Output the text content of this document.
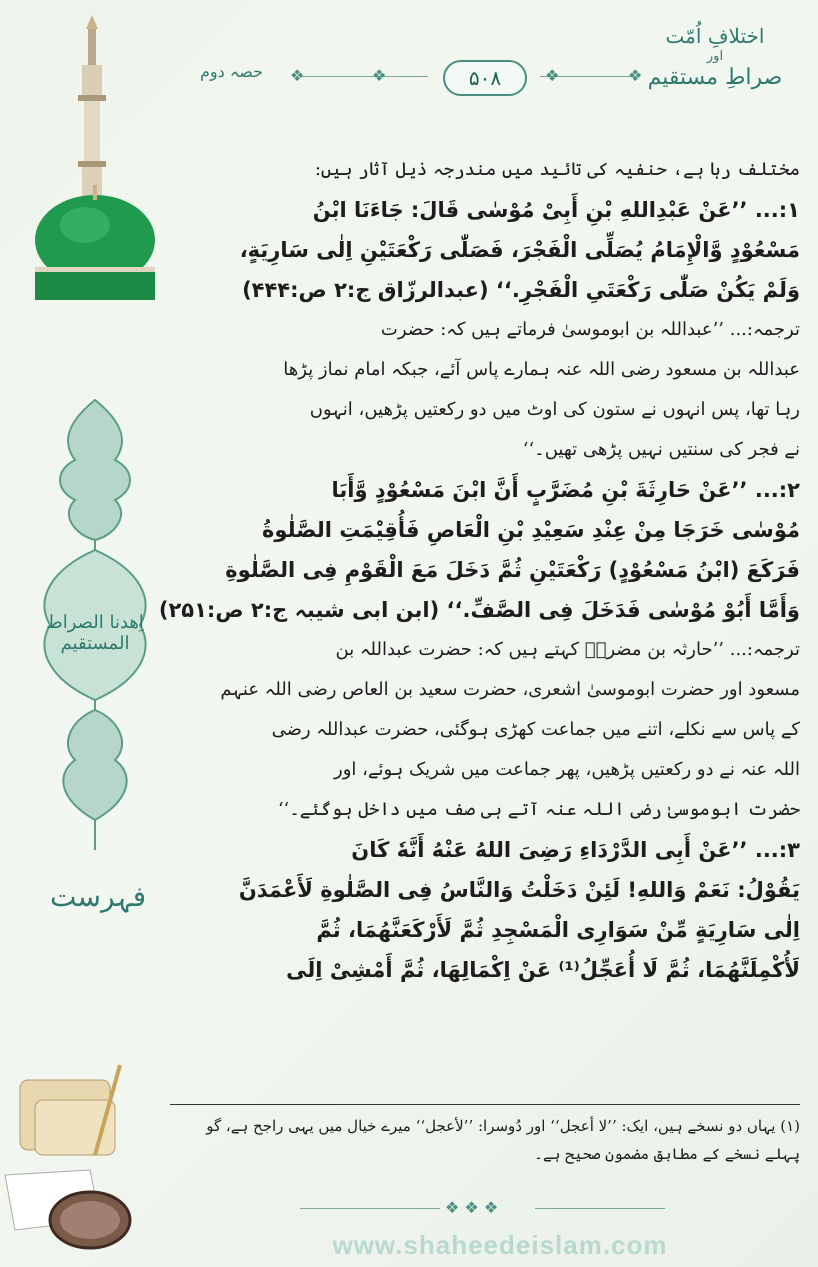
اختلافِ اُمّت
اور
صراطِ مستقیم
حصہ دوم ❖	❖	❖	❖
۵۰۸
اِھدنا الصراط المستقیم
فہرست
مختلف رہا ہے، حنفیہ کی تائید میں مندرجہ ذیل آثار ہیں:
۱:... ’’عَنْ عَبْدِاللهِ بْنِ أَبِیْ مُوْسٰی قَالَ: جَاءَنَا ابْنُ
مَسْعُوْدٍ وَّالْإِمَامُ یُصَلِّی الْفَجْرَ، فَصَلّٰی رَکْعَتَیْنِ اِلٰی سَارِیَةٍ،
وَلَمْ یَکُنْ صَلّٰی رَکْعَتَیِ الْفَجْرِ.‘‘ (عبدالرزّاق ج:۲ ص:۴۴۴)
ترجمہ:... ’’عبداللہ بن ابوموسیٰ فرماتے ہیں کہ: حضرت
عبداللہ بن مسعود رضی اللہ عنہ ہمارے پاس آئے، جبکہ امام نماز پڑھا
رہا تھا، پس انہوں نے ستون کی اوٹ میں دو رکعتیں پڑھیں، انہوں
نے فجر کی سنتیں نہیں پڑھی تھیں۔‘‘
۲:... ’’عَنْ حَارِثَةَ بْنِ مُضَرَّبٍ أَنَّ ابْنَ مَسْعُوْدٍ وَّأَبَا
مُوْسٰی خَرَجَا مِنْ عِنْدِ سَعِیْدِ بْنِ الْعَاصِ فَأُقِیْمَتِ الصَّلٰوةُ
فَرَکَعَ (ابْنُ مَسْعُوْدٍ) رَکْعَتَیْنِ ثُمَّ دَخَلَ مَعَ الْقَوْمِ فِی الصَّلٰوةِ
وَأَمَّا أَبُوْ مُوْسٰی فَدَخَلَ فِی الصَّفِّ.‘‘ (ابن ابی شیبہ ج:۲ ص:۲۵۱)
ترجمہ:... ’’حارثہ بن مضربؒ کہتے ہیں کہ: حضرت عبداللہ بن
مسعود اور حضرت ابوموسیٰ اشعری، حضرت سعید بن العاص رضی اللہ عنہم
کے پاس سے نکلے، اتنے میں جماعت کھڑی ہوگئی، حضرت عبداللہ رضی
اللہ عنہ نے دو رکعتیں پڑھیں، پھر جماعت میں شریک ہوئے، اور
حضرت ابوموسیٰ رضی اللہ عنہ آتے ہی صف میں داخل ہوگئے۔‘‘
۳:... ’’عَنْ أَبِی الدَّرْدَاءِ رَضِیَ اللهُ عَنْهُ أَنَّهٗ کَانَ
یَقُوْلُ: نَعَمْ وَاللهِ! لَئِنْ دَخَلْتُ وَالنَّاسُ فِی الصَّلٰوةِ لَأَعْمَدَنَّ
اِلٰی سَارِیَةٍ مِّنْ سَوَارِی الْمَسْجِدِ ثُمَّ لَأَرْکَعَنَّهُمَا، ثُمَّ
لَأُکْمِلَنَّهُمَا، ثُمَّ لَا أُعَجِّلُ⁽¹⁾ عَنْ اِکْمَالِهَا، ثُمَّ أَمْشِیْ اِلَی
(۱) یہاں دو نسخے ہیں، ایک: ’’لا أعجل‘‘ اور دُوسرا: ’’لأعجل‘‘ میرے خیال میں یہی راجح ہے، گو
پہلے نسخے کے مطابق مضمون صحیح ہے۔
❖ ❖ ❖
www.shaheedeislam.com
